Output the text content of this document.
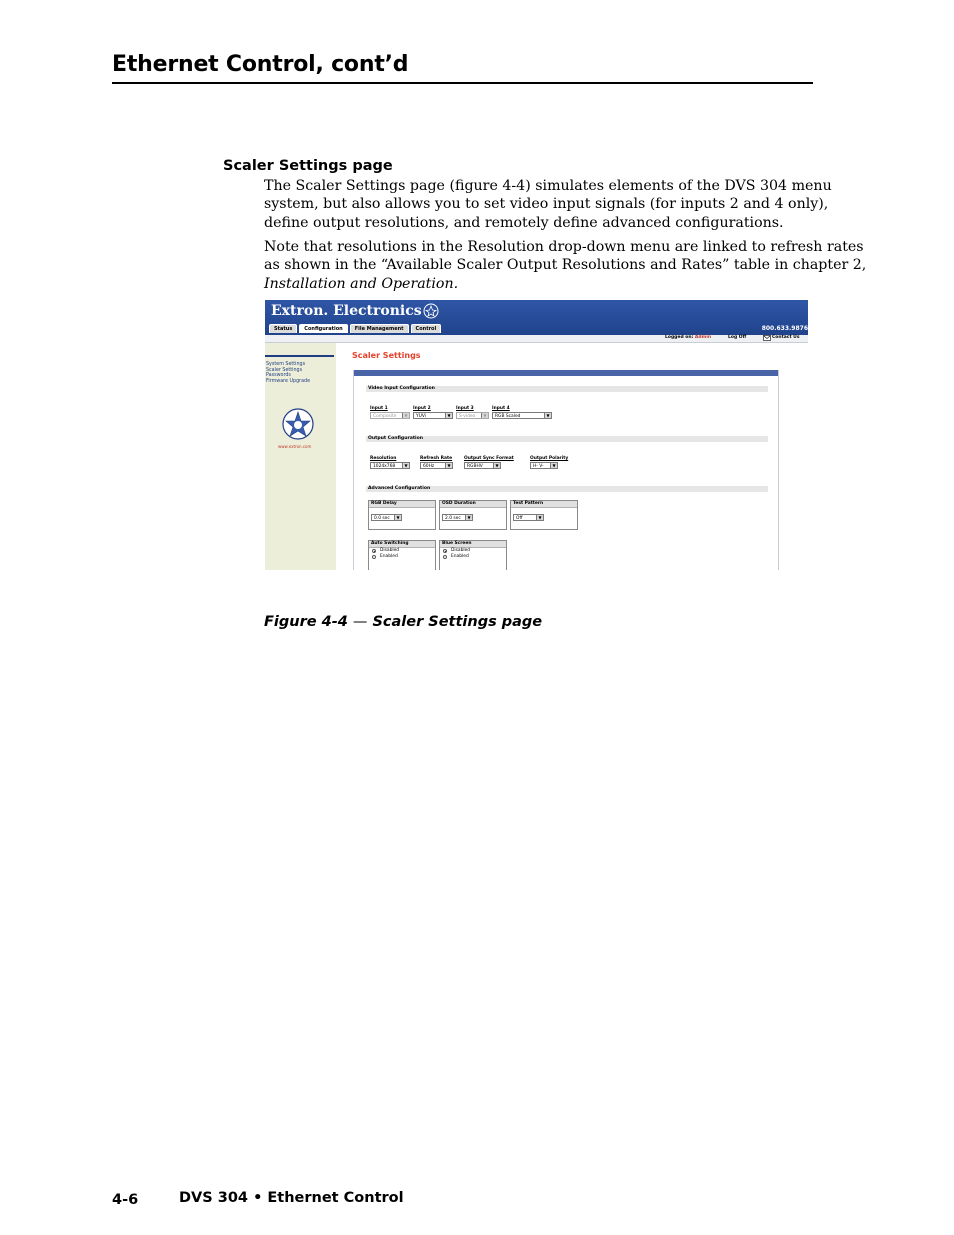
Ethernet Control, cont’d
Scaler Settings page
The Scaler Settings page (figure 4-4) simulates elements of the DVS 304 menu
system, but also allows you to set video input signals (for inputs 2 and 4 only),
define output resolutions, and remotely define advanced configurations.
Note that resolutions in the Resolution drop-down menu are linked to refresh rates
as shown in the “Available Scaler Output Resolutions and Rates” table in chapter 2,
Installation and Operation.
Extron. Electronics
Status	Configuration	File Management	Control	800.633.9876
Logged on: Admin	Log Off	Contact Us
System Settings
Scaler Settings
Passwords
Firmware Upgrade
www.extron.com
Scaler Settings
Video Input Configuration
Input 1
Composite	▼
Input 2
YUVi	▼
Input 3
S-video	▼
Input 4
RGB Scaled	▼
Output Configuration
Resolution
1024x768	▼
Refresh Rate
60Hz	▼
Output Sync Format
RGBHV	▼
Output Polarity
H- V-	▼
Advanced Configuration
RGB Delay
0.0 sec	▼
OSD Duration
2.0 sec	▼
Test Pattern
Off	▼
Auto Switching
Disabled
Enabled
Blue Screen
Disabled
Enabled
Figure 4-4 — Scaler Settings page
4-6	DVS 304 • Ethernet Control
